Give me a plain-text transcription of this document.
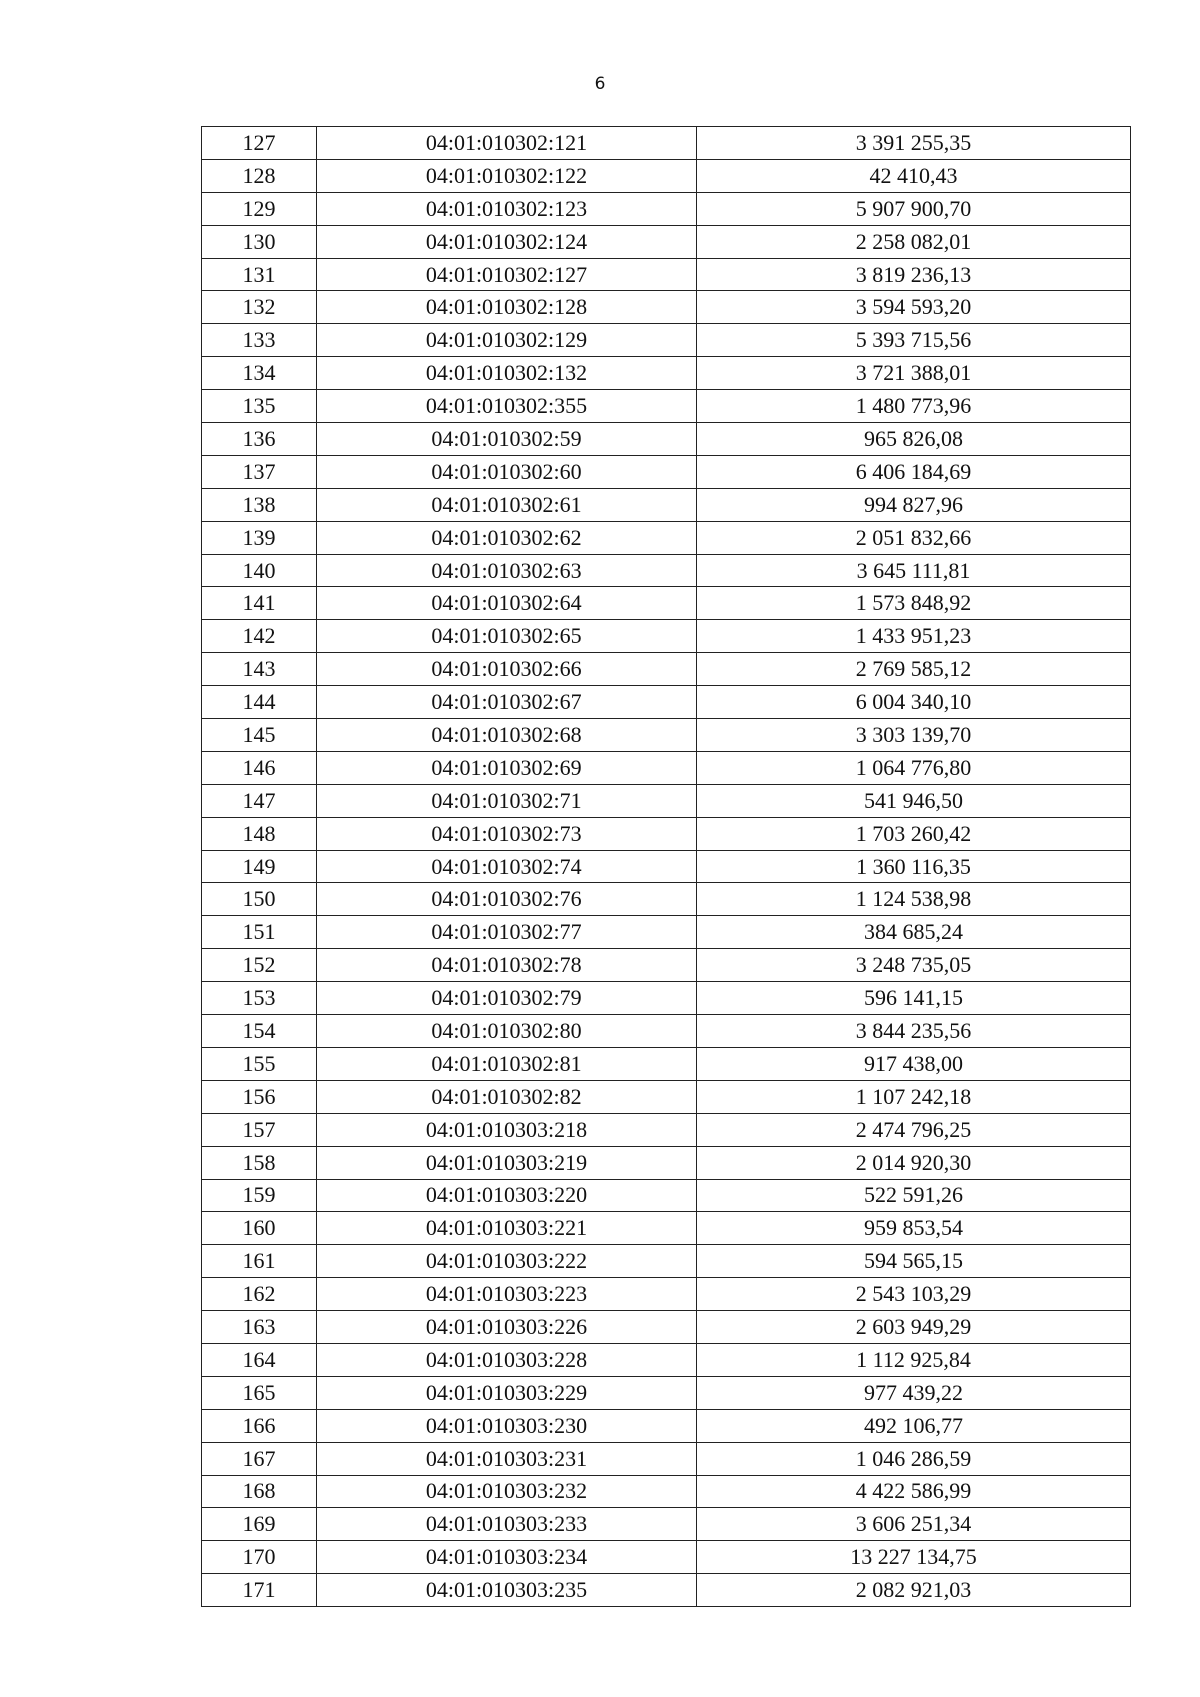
6
127	04:01:010302:121	3 391 255,35
128	04:01:010302:122	42 410,43
129	04:01:010302:123	5 907 900,70
130	04:01:010302:124	2 258 082,01
131	04:01:010302:127	3 819 236,13
132	04:01:010302:128	3 594 593,20
133	04:01:010302:129	5 393 715,56
134	04:01:010302:132	3 721 388,01
135	04:01:010302:355	1 480 773,96
136	04:01:010302:59	965 826,08
137	04:01:010302:60	6 406 184,69
138	04:01:010302:61	994 827,96
139	04:01:010302:62	2 051 832,66
140	04:01:010302:63	3 645 111,81
141	04:01:010302:64	1 573 848,92
142	04:01:010302:65	1 433 951,23
143	04:01:010302:66	2 769 585,12
144	04:01:010302:67	6 004 340,10
145	04:01:010302:68	3 303 139,70
146	04:01:010302:69	1 064 776,80
147	04:01:010302:71	541 946,50
148	04:01:010302:73	1 703 260,42
149	04:01:010302:74	1 360 116,35
150	04:01:010302:76	1 124 538,98
151	04:01:010302:77	384 685,24
152	04:01:010302:78	3 248 735,05
153	04:01:010302:79	596 141,15
154	04:01:010302:80	3 844 235,56
155	04:01:010302:81	917 438,00
156	04:01:010302:82	1 107 242,18
157	04:01:010303:218	2 474 796,25
158	04:01:010303:219	2 014 920,30
159	04:01:010303:220	522 591,26
160	04:01:010303:221	959 853,54
161	04:01:010303:222	594 565,15
162	04:01:010303:223	2 543 103,29
163	04:01:010303:226	2 603 949,29
164	04:01:010303:228	1 112 925,84
165	04:01:010303:229	977 439,22
166	04:01:010303:230	492 106,77
167	04:01:010303:231	1 046 286,59
168	04:01:010303:232	4 422 586,99
169	04:01:010303:233	3 606 251,34
170	04:01:010303:234	13 227 134,75
171	04:01:010303:235	2 082 921,03
